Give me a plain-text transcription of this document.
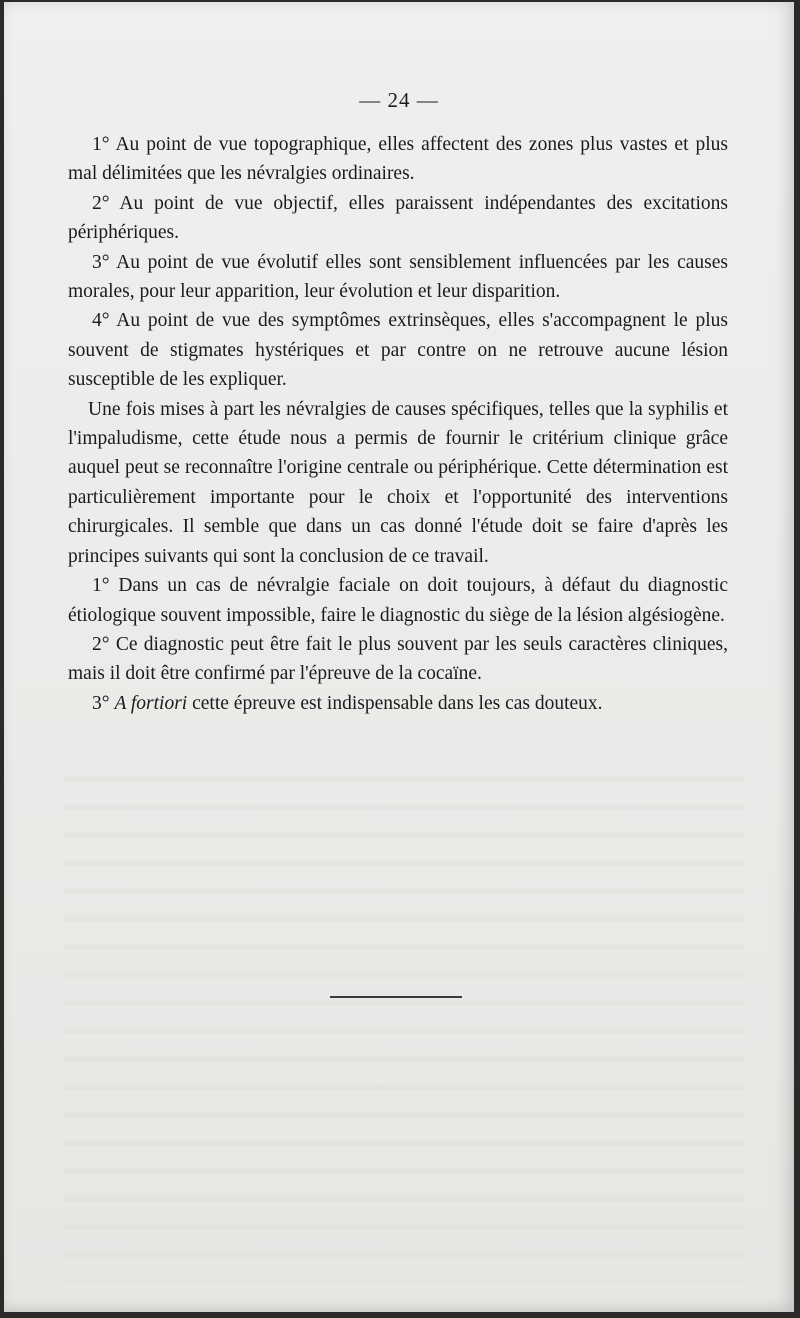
— 24 —

1° Au point de vue topographique, elles affectent des zones plus vastes et plus mal délimitées que les névralgies ordinaires.

2° Au point de vue objectif, elles paraissent indépendantes des excitations périphériques.

3° Au point de vue évolutif elles sont sensiblement influencées par les causes morales, pour leur apparition, leur évolution et leur disparition.

4° Au point de vue des symptômes extrinsèques, elles s'accompagnent le plus souvent de stigmates hystériques et par contre on ne retrouve aucune lésion susceptible de les expliquer.

Une fois mises à part les névralgies de causes spécifiques, telles que la syphilis et l'impaludisme, cette étude nous a permis de fournir le critérium clinique grâce auquel peut se reconnaître l'origine centrale ou périphérique. Cette détermination est particulièrement importante pour le choix et l'opportunité des interventions chirurgicales. Il semble que dans un cas donné l'étude doit se faire d'après les principes suivants qui sont la conclusion de ce travail.

1° Dans un cas de névralgie faciale on doit toujours, à défaut du diagnostic étiologique souvent impossible, faire le diagnostic du siège de la lésion algésiogène.

2° Ce diagnostic peut être fait le plus souvent par les seuls caractères cliniques, mais il doit être confirmé par l'épreuve de la cocaïne.

3° A fortiori cette épreuve est indispensable dans les cas douteux.
